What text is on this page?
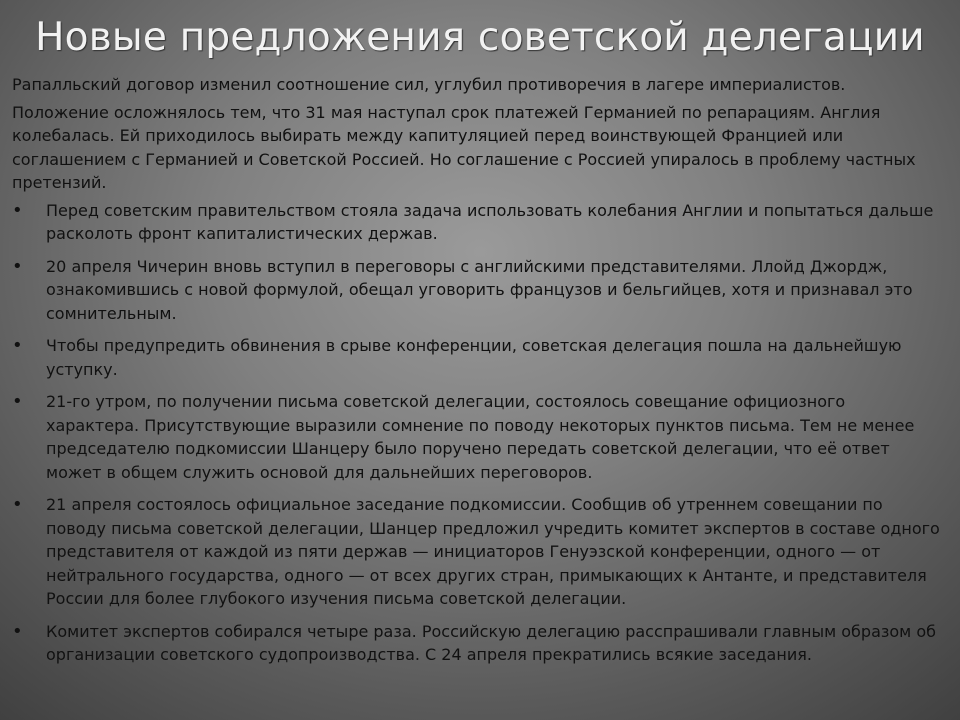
Новые предложения советской делегации

Рапалльский договор изменил соотношение сил, углубил противоречия в лагере империалистов.

Положение осложнялось тем, что 31 мая наступал срок платежей Германией по репарациям. Англия колебалась. Ей приходилось выбирать между капитуляцией перед воинствующей Францией или соглашением с Германией и Советской Россией. Но соглашение с Россией упиралось в проблему частных претензий.

• Перед советским правительством стояла задача использовать колебания Англии и попытаться дальше расколоть фронт капиталистических держав.
• 20 апреля Чичерин вновь вступил в переговоры с английскими представителями. Ллойд Джордж, ознакомившись с новой формулой, обещал уговорить французов и бельгийцев, хотя и признавал это сомнительным.
• Чтобы предупредить обвинения в срыве конференции, советская делегация пошла на дальнейшую уступку.
• 21-го утром, по получении письма советской делегации, состоялось совещание официозного характера. Присутствующие выразили сомнение по поводу некоторых пунктов письма. Тем не менее председателю подкомиссии Шанцеру было поручено передать советской делегации, что её ответ может в общем служить основой для дальнейших переговоров.
• 21 апреля состоялось официальное заседание подкомиссии. Сообщив об утреннем совещании по поводу письма советской делегации, Шанцер предложил учредить комитет экспертов в составе одного представителя от каждой из пяти держав — инициаторов Генуэзской конференции, одного — от нейтрального государства, одного — от всех других стран, примыкающих к Антанте, и представителя России для более глубокого изучения письма советской делегации.
• Комитет экспертов собирался четыре раза. Российскую делегацию расспрашивали главным образом об организации советского судопроизводства. С 24 апреля прекратились всякие заседания.
